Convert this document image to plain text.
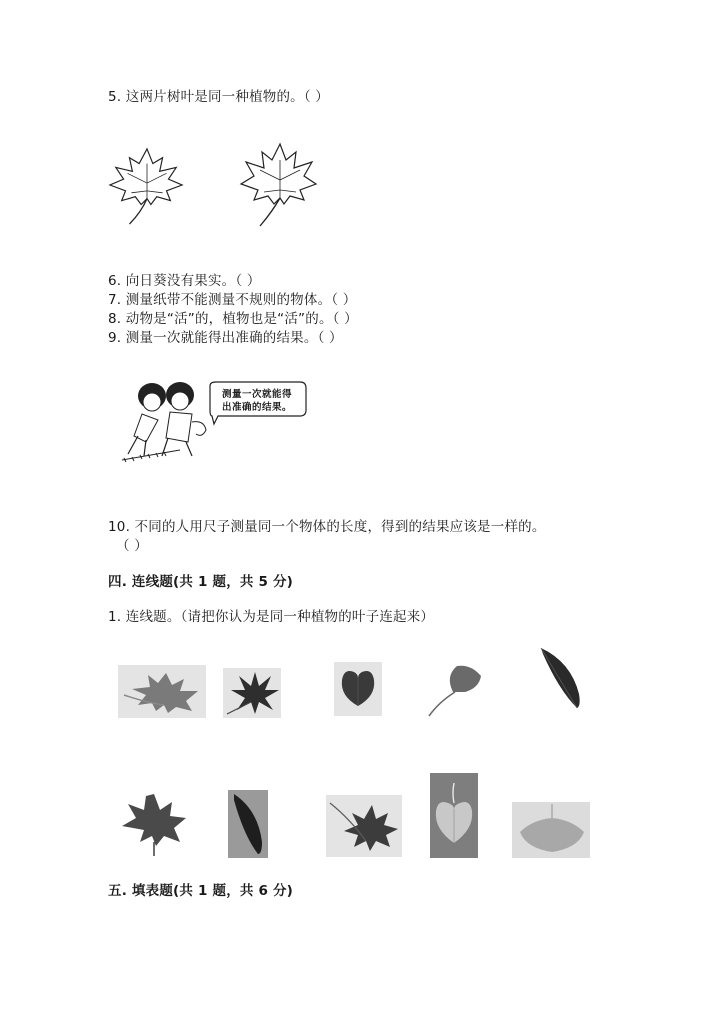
5. 这两片树叶是同一种植物的。（ ）
6. 向日葵没有果实。（ ）
7. 测量纸带不能测量不规则的物体。（ ）
8. 动物是“活”的，植物也是“活”的。（ ）
9. 测量一次就能得出准确的结果。（ ）
测量一次就能得
出准确的结果。
10. 不同的人用尺子测量同一个物体的长度，得到的结果应该是一样的。
（ ）
四. 连线题(共 1 题，共 5 分)
1. 连线题。（请把你认为是同一种植物的叶子连起来）
五. 填表题(共 1 题，共 6 分)
